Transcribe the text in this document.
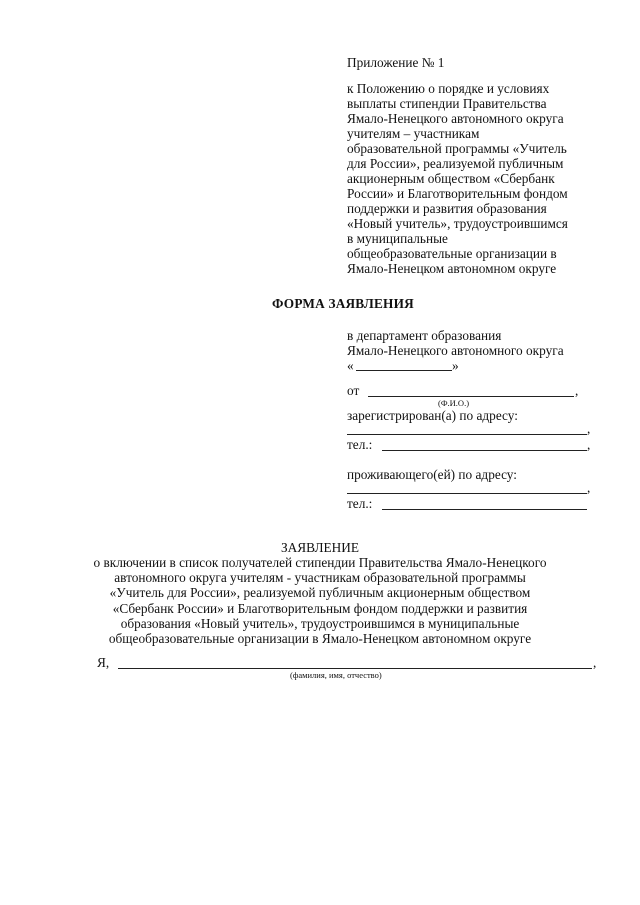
Приложение № 1
к Положению о порядке и условиях
выплаты стипендии Правительства
Ямало-Ненецкого автономного округа
учителям – участникам
образовательной программы «Учитель
для России», реализуемой публичным
акционерным обществом «Сбербанк
России» и Благотворительным фондом
поддержки и развития образования
«Новый учитель», трудоустроившимся
в муниципальные
общеобразовательные организации в
Ямало-Ненецком автономном округе
ФОРМА ЗАЯВЛЕНИЯ
в департамент образования
Ямало-Ненецкого автономного округа
«	»
от	,
(Ф.И.О.)
зарегистрирован(а) по адресу:
,
тел.:	,
проживающего(ей) по адресу:
,
тел.:
ЗАЯВЛЕНИЕ
о включении в список получателей стипендии Правительства Ямало-Ненецкого
автономного округа учителям - участникам образовательной программы
«Учитель для России», реализуемой публичным акционерным обществом
«Сбербанк России» и Благотворительным фондом поддержки и развития
образования «Новый учитель», трудоустроившимся в муниципальные
общеобразовательные организации в Ямало-Ненецком автономном округе
Я,	,
(фамилия, имя, отчество)
